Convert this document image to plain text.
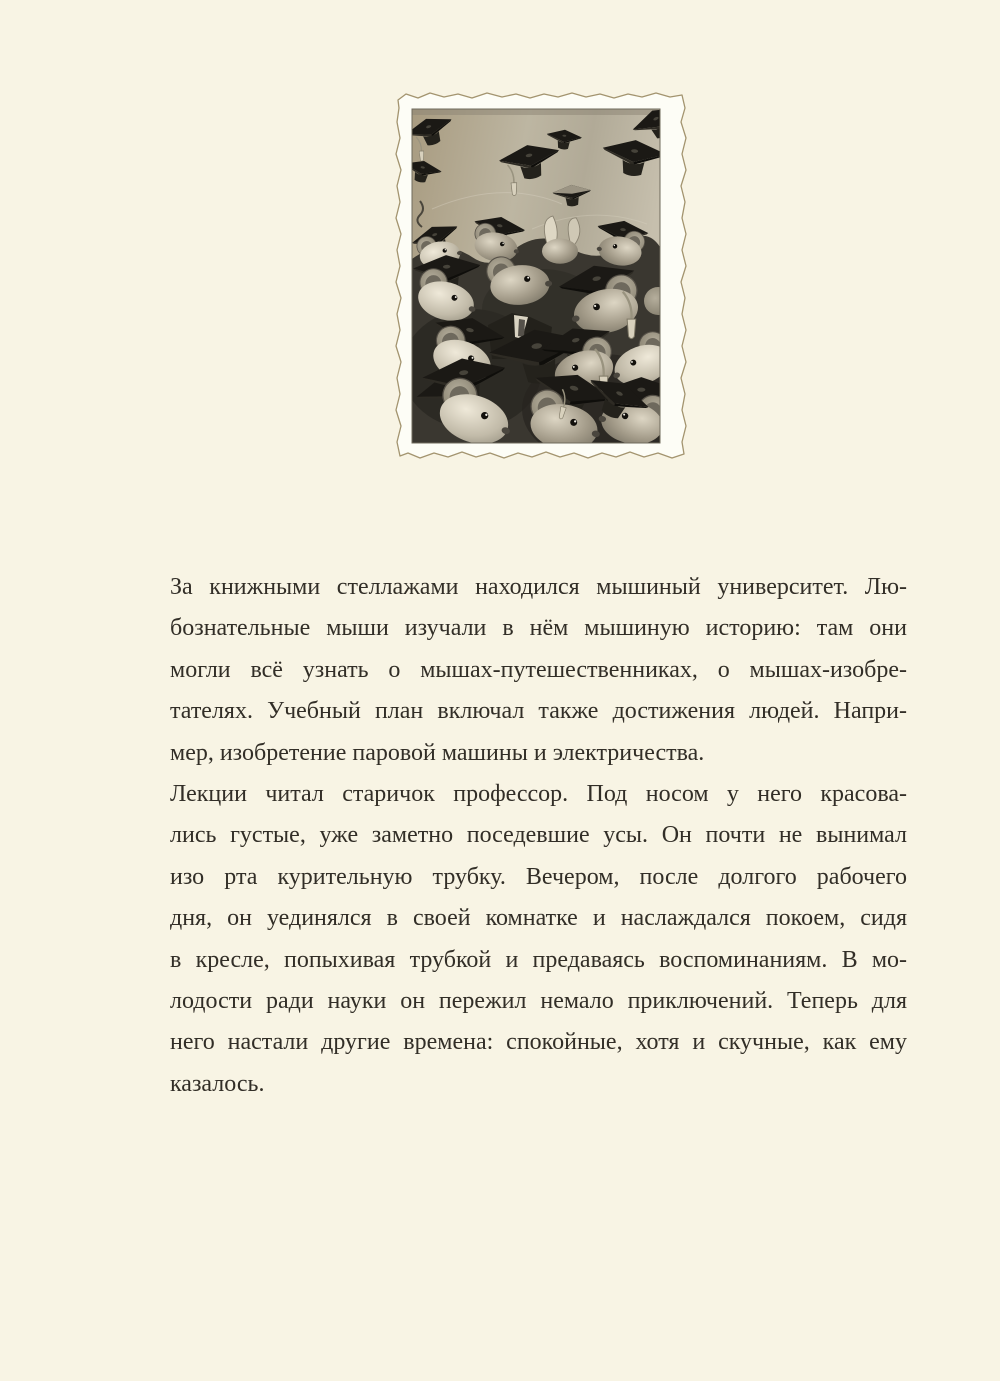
За книжными стеллажами находился мышиный университет. Лю-
бознательные мыши изучали в нём мышиную историю: там они
могли всё узнать о мышах-путешественниках, о мышах-изобре-
тателях. Учебный план включал также достижения людей. Напри-
мер, изобретение паровой машины и электричества.
Лекции читал старичок профессор. Под носом у него красова-
лись густые, уже заметно поседевшие усы. Он почти не вынимал
изо рта курительную трубку. Вечером, после долгого рабочего
дня, он уединялся в своей комнатке и наслаждался покоем, сидя
в кресле, попыхивая трубкой и предаваясь воспоминаниям. В мо-
лодости ради науки он пережил немало приключений. Теперь для
него настали другие времена: спокойные, хотя и скучные, как ему
казалось.
